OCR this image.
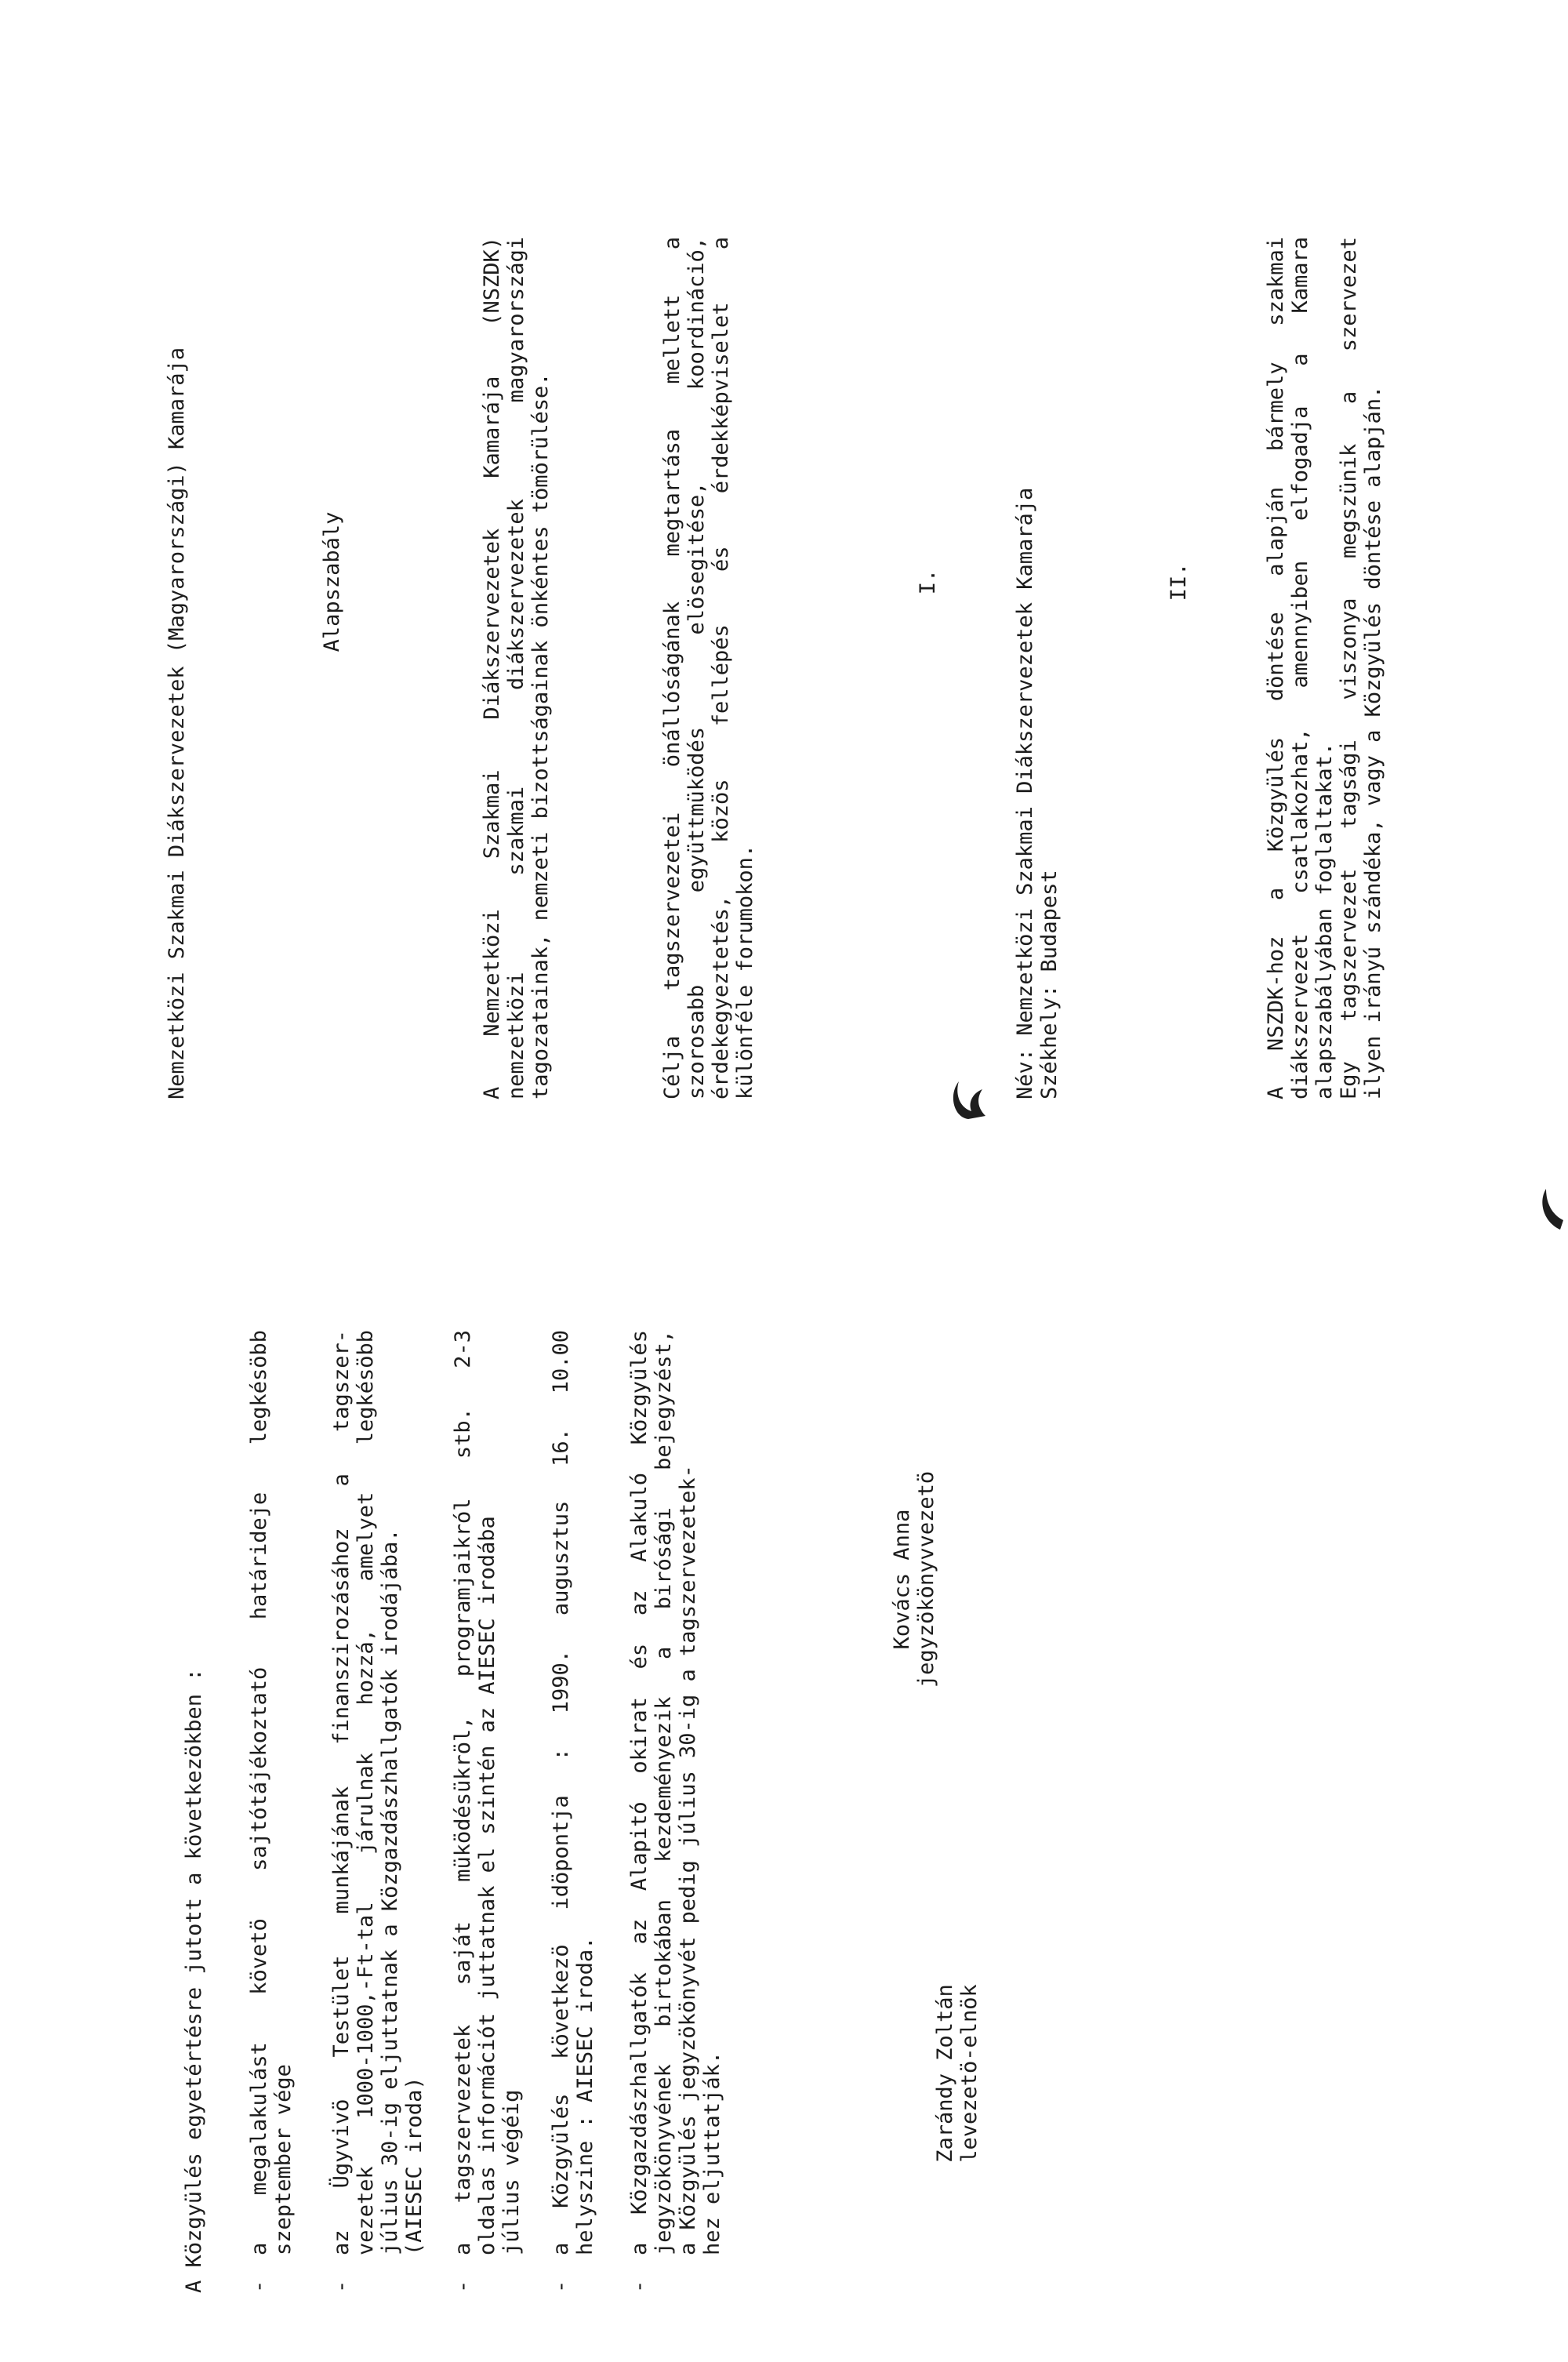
A Közgyülés egyetértésre jutott a következökben : -

a megalakulást követö sajtótájékoztató határideje legkésöbb szeptember vége

-

az Ügyvivö Testület munkájának finanszirozásához a tagszer- vezetek 1000-1000,-Ft-tal járulnak hozzá, amelyet legkésöbb július 30-ig eljuttatnak a Közgazdászhallgatók irodájába. (AIESEC iroda)

-

a tagszervezetek saját müködésükröl, programjaikról stb. 2-3 oldalas információt juttatnak el szintén az AIESEC irodába július végéig

-

a Közgyülés következö idöpontja : 1990. augusztus 16. 10.00 helyszine : AIESEC iroda.

-

a Közgazdászhallgatók az Alapitó okirat és az Alakuló Közgyülés jegyzökönyvének birtokában kezdeményezik a birósági bejegyzést, a Közgyülés jegyzökönyvét pedig július 30-ig a tagszervezetek- hez eljuttatják.	Zarándy Zoltán levezetö-elnök

Kovács Anna jegyzökönyvvezetö

Nemzetközi Szakmai Diákszervezetek (Magyarországi) Kamarája	Alapszabály	A Nemzetközi Szakmai Diákszervezetek Kamarája (NSZDK) nemzetközi szakmai diákszervezetek magyarországi tagozatainak, nemzeti bizottságainak önkéntes tömörülése.	Célja tagszervezetei önállóságának megtartása mellett a szorosabb együttmüködés elösegitése, koordináció, érdekegyeztetés, közös fellépés és érdekképviselet a különféle forumokon.

I.	Név: Nemzetközi Szakmai Diákszervezetek Kamarája Székhely: Budapest

II.	A NSZDK-hoz a Közgyülés döntése alapján bármely szakmai diákszervezet csatlakozhat, amennyiben elfogadja a Kamara alapszabályában foglaltakat. Egy tagszervezet tagsági viszonya megszünik a szervezet ilyen irányú szándéka, vagy a Közgyülés döntése alapján.
